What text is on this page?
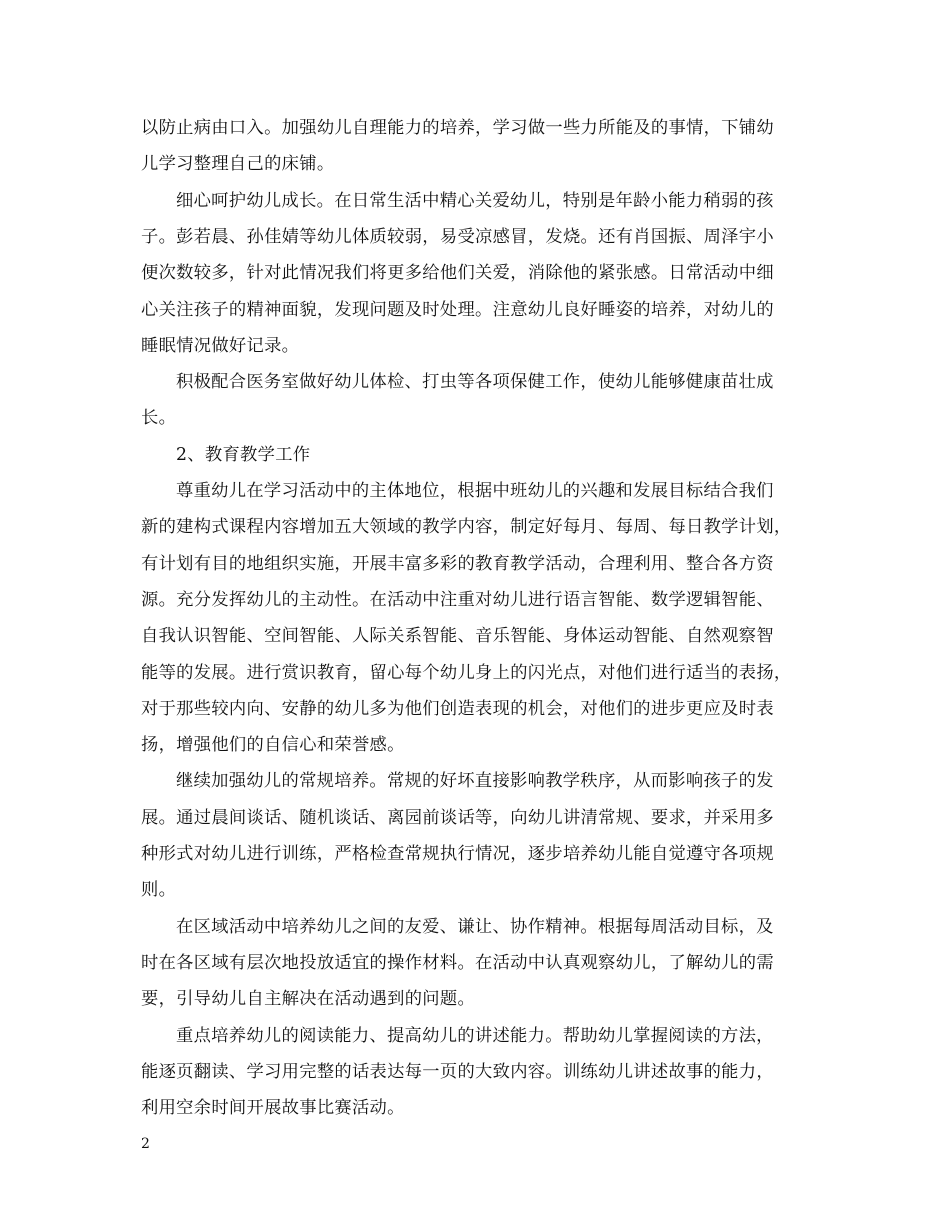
以防止病由口入。加强幼儿自理能力的培养，学习做一些力所能及的事情，下铺幼
儿学习整理自己的床铺。
细心呵护幼儿成长。在日常生活中精心关爱幼儿，特别是年龄小能力稍弱的孩
子。彭若晨、孙佳婧等幼儿体质较弱，易受凉感冒，发烧。还有肖国振、周泽宇小
便次数较多，针对此情况我们将更多给他们关爱，消除他的紧张感。日常活动中细
心关注孩子的精神面貌，发现问题及时处理。注意幼儿良好睡姿的培养，对幼儿的
睡眠情况做好记录。
积极配合医务室做好幼儿体检、打虫等各项保健工作，使幼儿能够健康苗壮成
长。
2、教育教学工作
尊重幼儿在学习活动中的主体地位，根据中班幼儿的兴趣和发展目标结合我们
新的建构式课程内容增加五大领域的教学内容，制定好每月、每周、每日教学计划，
有计划有目的地组织实施，开展丰富多彩的教育教学活动，合理利用、整合各方资
源。充分发挥幼儿的主动性。在活动中注重对幼儿进行语言智能、数学逻辑智能、
自我认识智能、空间智能、人际关系智能、音乐智能、身体运动智能、自然观察智
能等的发展。进行赏识教育，留心每个幼儿身上的闪光点，对他们进行适当的表扬，
对于那些较内向、安静的幼儿多为他们创造表现的机会，对他们的进步更应及时表
扬，增强他们的自信心和荣誉感。
继续加强幼儿的常规培养。常规的好坏直接影响教学秩序，从而影响孩子的发
展。通过晨间谈话、随机谈话、离园前谈话等，向幼儿讲清常规、要求，并采用多
种形式对幼儿进行训练，严格检查常规执行情况，逐步培养幼儿能自觉遵守各项规
则。
在区域活动中培养幼儿之间的友爱、谦让、协作精神。根据每周活动目标，及
时在各区域有层次地投放适宜的操作材料。在活动中认真观察幼儿，了解幼儿的需
要，引导幼儿自主解决在活动遇到的问题。
重点培养幼儿的阅读能力、提高幼儿的讲述能力。帮助幼儿掌握阅读的方法，
能逐页翻读、学习用完整的话表达每一页的大致内容。训练幼儿讲述故事的能力，
利用空余时间开展故事比赛活动。
2
